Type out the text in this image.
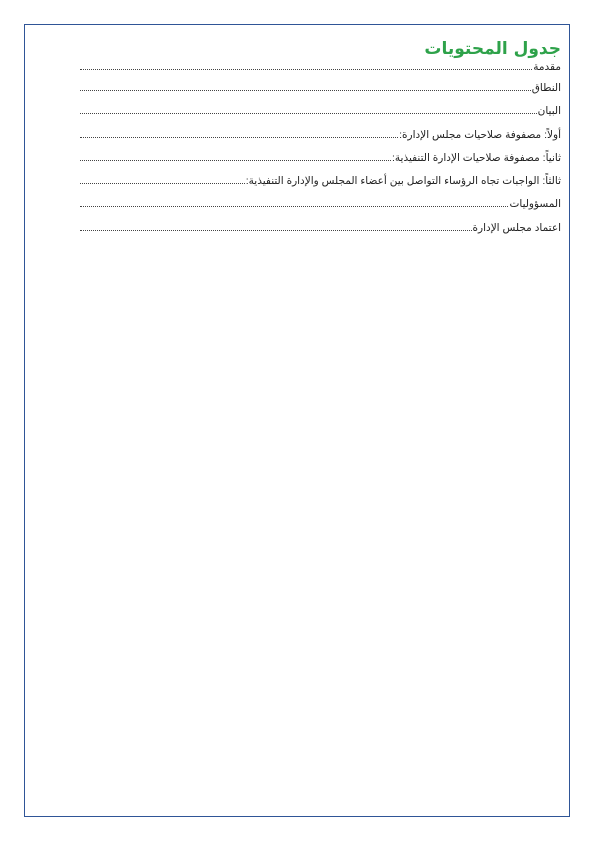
جدول المحتويات
مقدمة
النطاق
البيان
أولاً: مصفوفة صلاحيات مجلس الإدارة:
ثانياً: مصفوفة صلاحيات الإدارة التنفيذية:
ثالثاً: الواجبات تجاه الرؤساء التواصل بين أعضاء المجلس والإدارة التنفيذية:
المسؤوليات
اعتماد مجلس الإدارة
